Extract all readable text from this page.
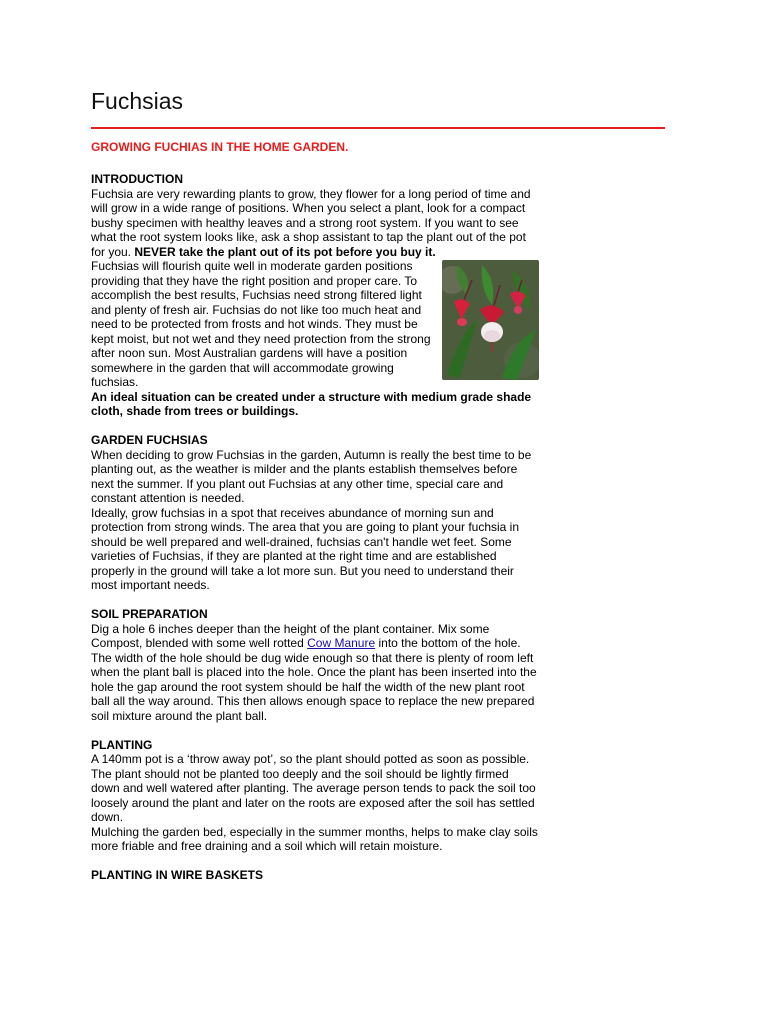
Fuchsias
GROWING FUCHIAS IN THE HOME GARDEN.
INTRODUCTION

Fuchsia are very rewarding plants to grow, they flower for a long period of time and will grow in a wide range of positions. When you select a plant, look for a compact bushy specimen with healthy leaves and a strong root system. If you want to see what the root system looks like, ask a shop assistant to tap the plant out of the pot for you. NEVER take the plant out of its pot before you buy it.

Fuchsias will flourish quite well in moderate garden positions providing that they have the right position and proper care. To accomplish the best results, Fuchsias need strong filtered light and plenty of fresh air. Fuchsias do not like too much heat and need to be protected from frosts and hot winds. They must be kept moist, but not wet and they need protection from the strong after noon sun. Most Australian gardens will have a position somewhere in the garden that will accommodate growing fuchsias.

An ideal situation can be created under a structure with medium grade shade cloth, shade from trees or buildings.

GARDEN FUCHSIAS

When deciding to grow Fuchsias in the garden, Autumn is really the best time to be planting out, as the weather is milder and the plants establish themselves before next the summer. If you plant out Fuchsias at any other time, special care and constant attention is needed.

Ideally, grow fuchsias in a spot that receives abundance of morning sun and protection from strong winds. The area that you are going to plant your fuchsia in should be well prepared and well-drained, fuchsias can't handle wet feet. Some varieties of Fuchsias, if they are planted at the right time and are established properly in the ground will take a lot more sun. But you need to understand their most important needs.

SOIL PREPARATION

Dig a hole 6 inches deeper than the height of the plant container. Mix some Compost, blended with some well rotted Cow Manure into the bottom of the hole.

The width of the hole should be dug wide enough so that there is plenty of room left when the plant ball is placed into the hole. Once the plant has been inserted into the hole the gap around the root system should be half the width of the new plant root ball all the way around. This then allows enough space to replace the new prepared soil mixture around the plant ball.

PLANTING

A 140mm pot is a ‘throw away pot’, so the plant should potted as soon as possible. The plant should not be planted too deeply and the soil should be lightly firmed down and well watered after planting. The average person tends to pack the soil too loosely around the plant and later on the roots are exposed after the soil has settled down.

Mulching the garden bed, especially in the summer months, helps to make clay soils more friable and free draining and a soil which will retain moisture.

PLANTING IN WIRE BASKETS
